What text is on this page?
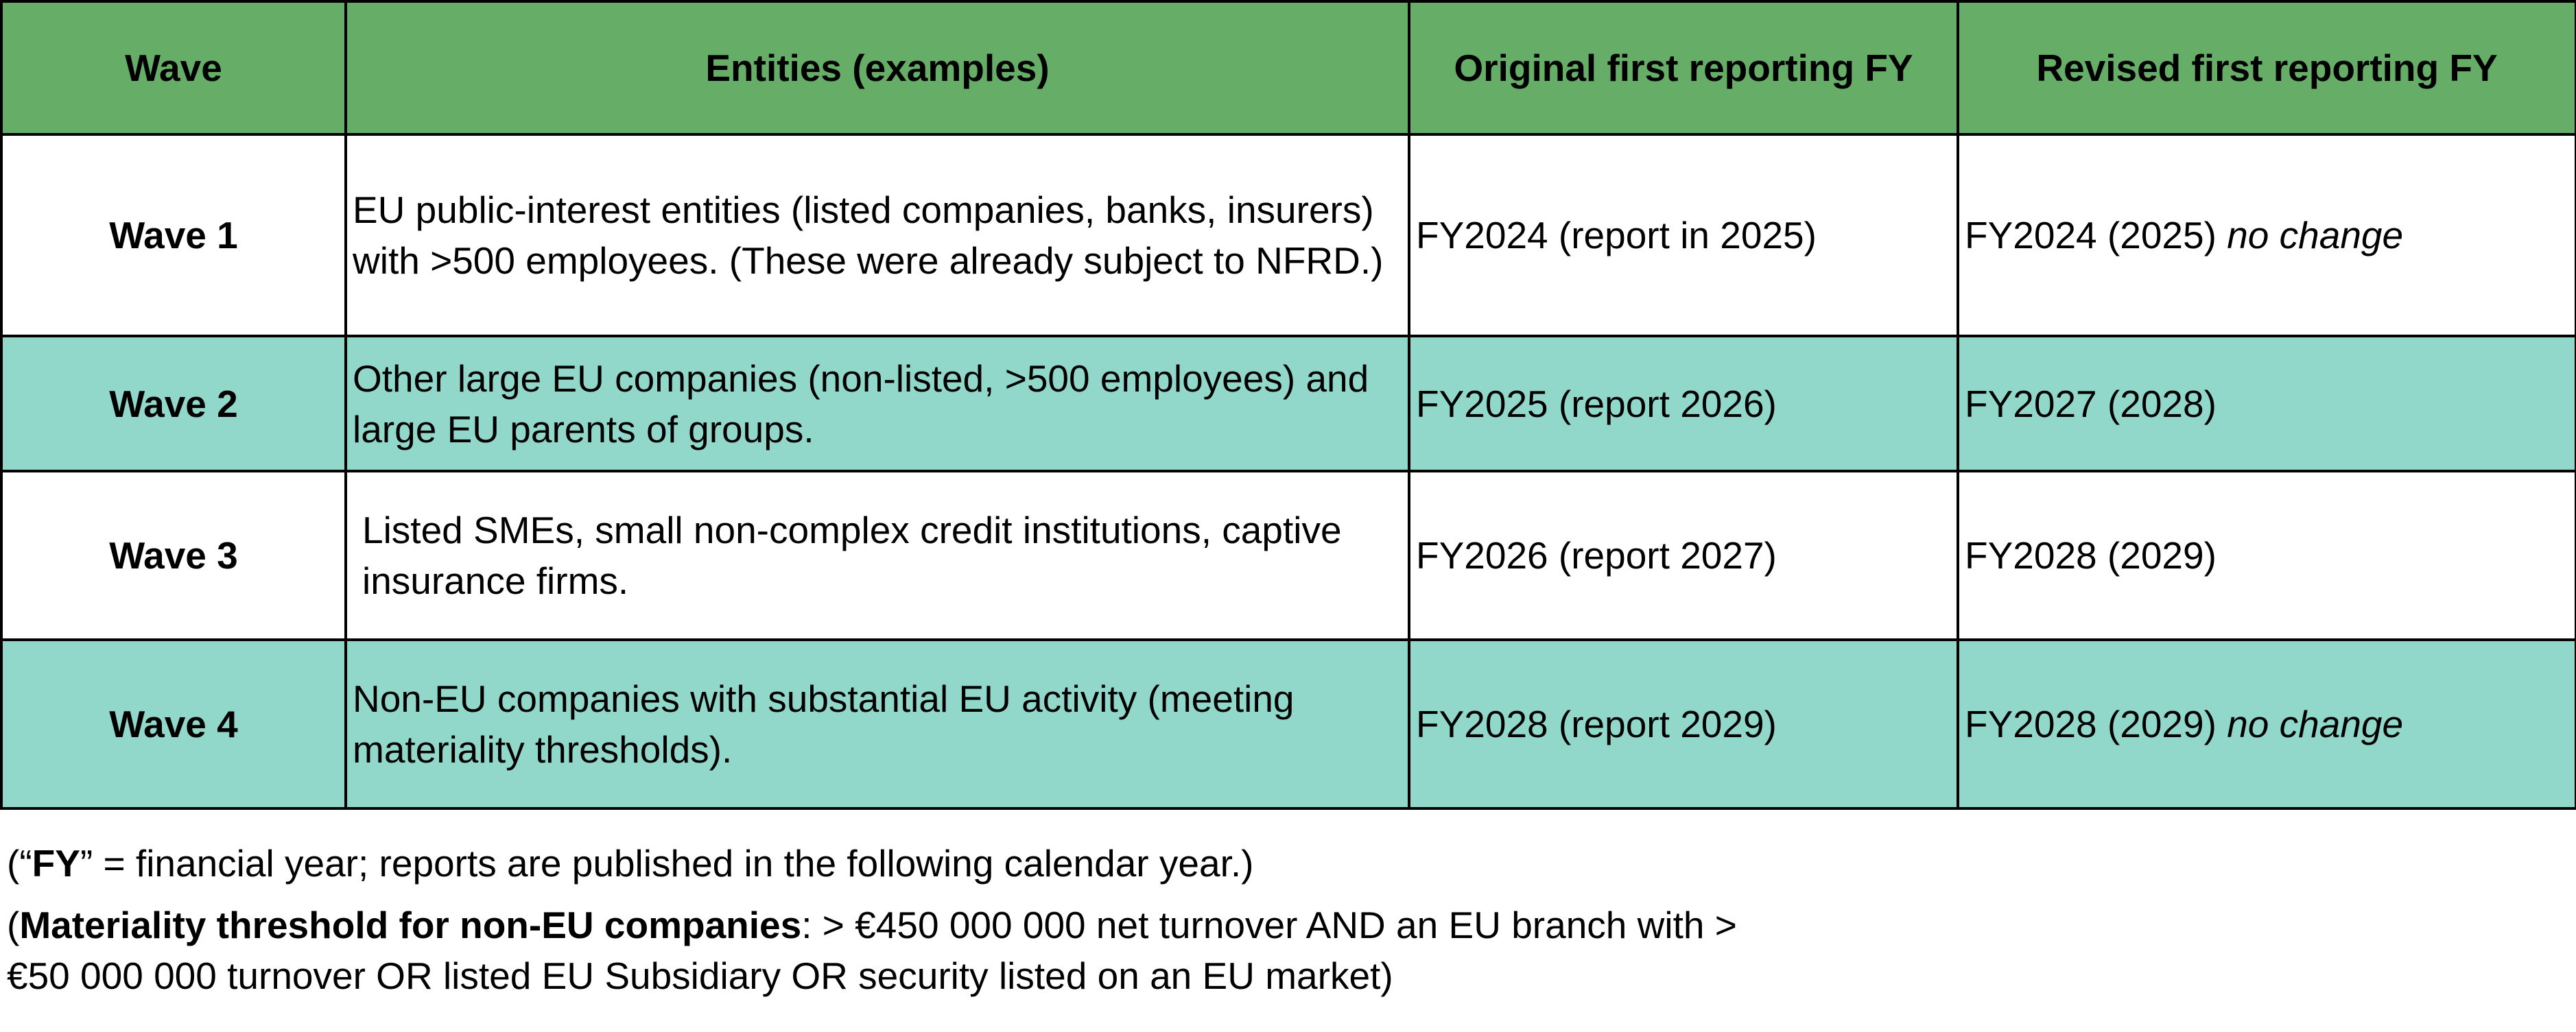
Wave	Entities (examples)	Original first reporting FY	Revised first reporting FY
Wave 1	EU public-interest entities (listed companies, banks, insurers) with >500 employees. (These were already subject to NFRD.)	FY2024 (report in 2025)	FY2024 (2025) no change
Wave 2	Other large EU companies (non-listed, >500 employees) and large EU parents of groups.	FY2025 (report 2026)	FY2027 (2028)
Wave 3	Listed SMEs, small non-complex credit institutions, captive insurance firms.	FY2026 (report 2027)	FY2028 (2029)
Wave 4	Non-EU companies with substantial EU activity (meeting materiality thresholds).	FY2028 (report 2029)	FY2028 (2029) no change

(“FY” = financial year; reports are published in the following calendar year.)

(Materiality threshold for non-EU companies: > €450 000 000 net turnover AND an EU branch with > €50 000 000 turnover OR listed EU Subsidiary OR security listed on an EU market)
